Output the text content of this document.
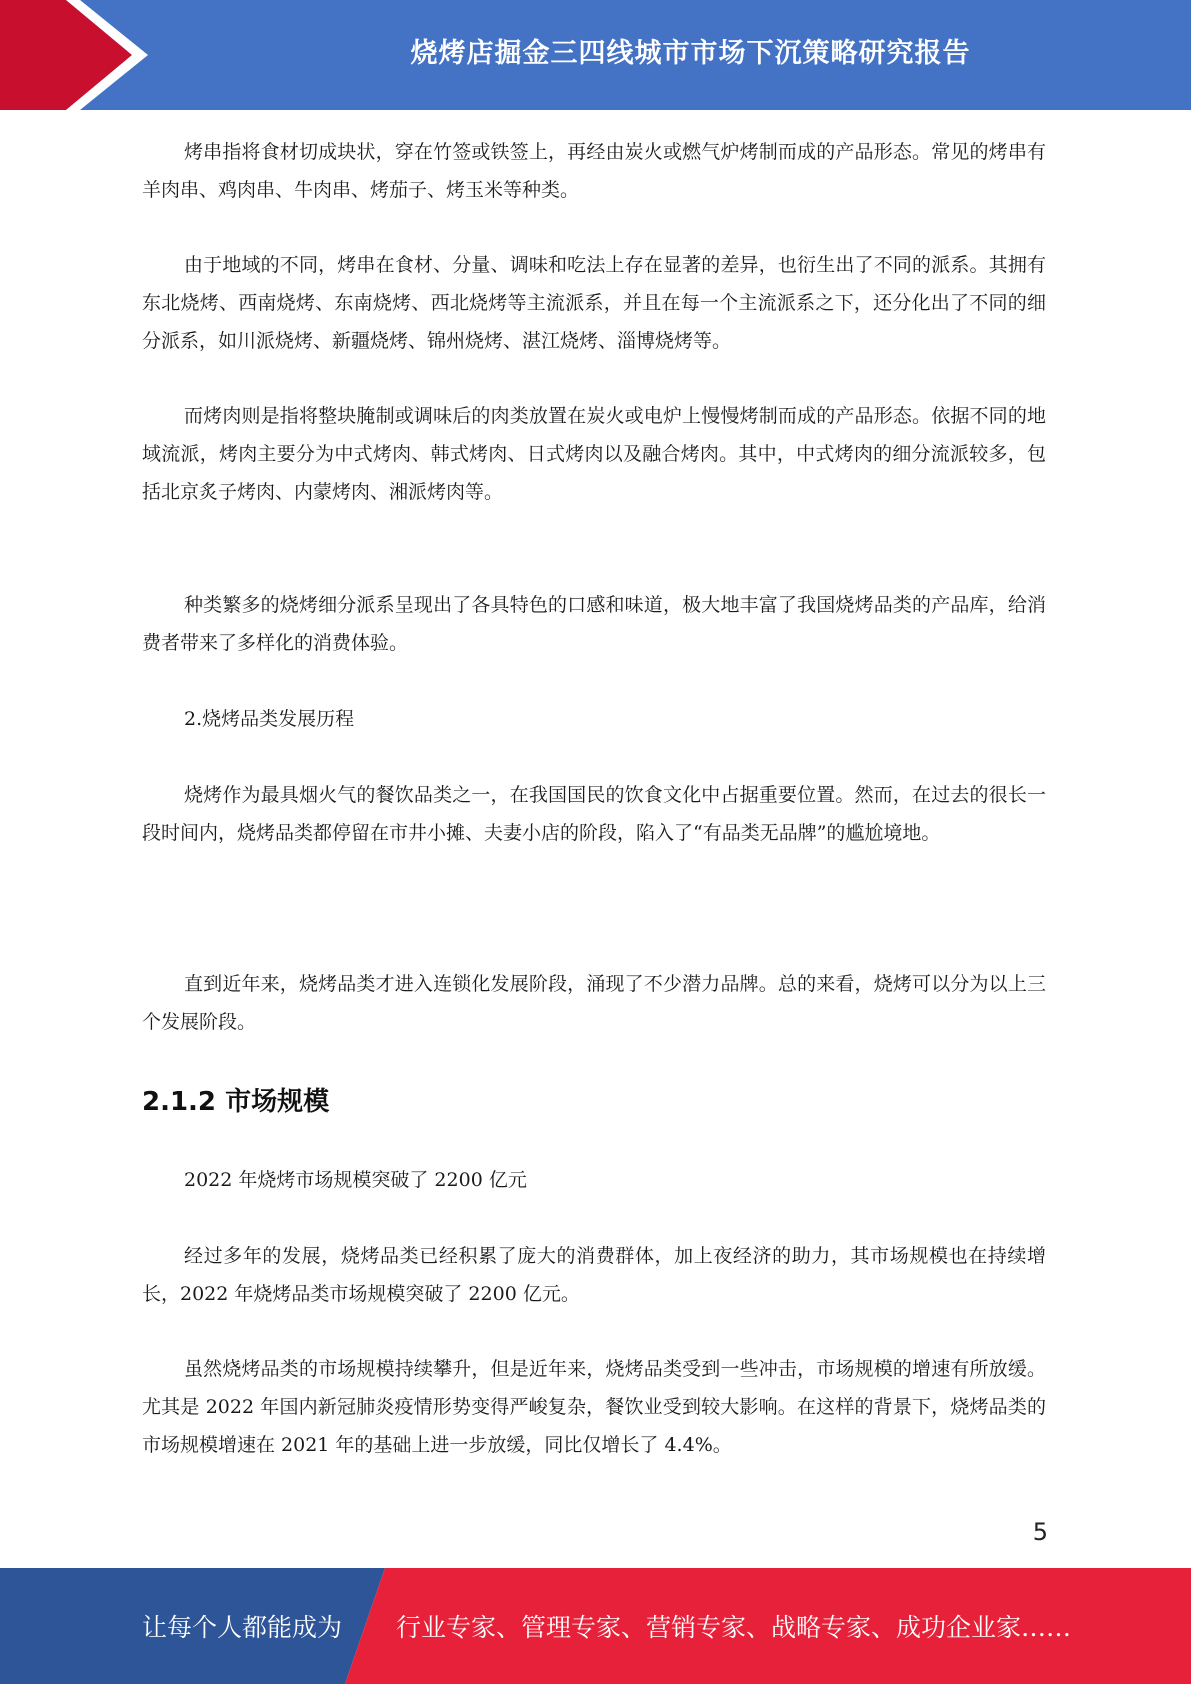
烧烤店掘金三四线城市市场下沉策略研究报告

烤串指将食材切成块状，穿在竹签或铁签上，再经由炭火或燃气炉烤制而成的产品形态。常见的烤串有羊肉串、鸡肉串、牛肉串、烤茄子、烤玉米等种类。

由于地域的不同，烤串在食材、分量、调味和吃法上存在显著的差异，也衍生出了不同的派系。其拥有东北烧烤、西南烧烤、东南烧烤、西北烧烤等主流派系，并且在每一个主流派系之下，还分化出了不同的细分派系，如川派烧烤、新疆烧烤、锦州烧烤、湛江烧烤、淄博烧烤等。

而烤肉则是指将整块腌制或调味后的肉类放置在炭火或电炉上慢慢烤制而成的产品形态。依据不同的地域流派，烤肉主要分为中式烤肉、韩式烤肉、日式烤肉以及融合烤肉。其中，中式烤肉的细分流派较多，包括北京炙子烤肉、内蒙烤肉、湘派烤肉等。

种类繁多的烧烤细分派系呈现出了各具特色的口感和味道，极大地丰富了我国烧烤品类的产品库，给消费者带来了多样化的消费体验。

2.烧烤品类发展历程

烧烤作为最具烟火气的餐饮品类之一，在我国国民的饮食文化中占据重要位置。然而，在过去的很长一段时间内，烧烤品类都停留在市井小摊、夫妻小店的阶段，陷入了“有品类无品牌”的尴尬境地。

直到近年来，烧烤品类才进入连锁化发展阶段，涌现了不少潜力品牌。总的来看，烧烤可以分为以上三个发展阶段。

2.1.2 市场规模

2022 年烧烤市场规模突破了 2200 亿元

经过多年的发展，烧烤品类已经积累了庞大的消费群体，加上夜经济的助力，其市场规模也在持续增长，2022 年烧烤品类市场规模突破了 2200 亿元。

虽然烧烤品类的市场规模持续攀升，但是近年来，烧烤品类受到一些冲击，市场规模的增速有所放缓。尤其是 2022 年国内新冠肺炎疫情形势变得严峻复杂，餐饮业受到较大影响。在这样的背景下，烧烤品类的市场规模增速在 2021 年的基础上进一步放缓，同比仅增长了 4.4%。

5
让每个人都能成为 行业专家、管理专家、营销专家、战略专家、成功企业家……
